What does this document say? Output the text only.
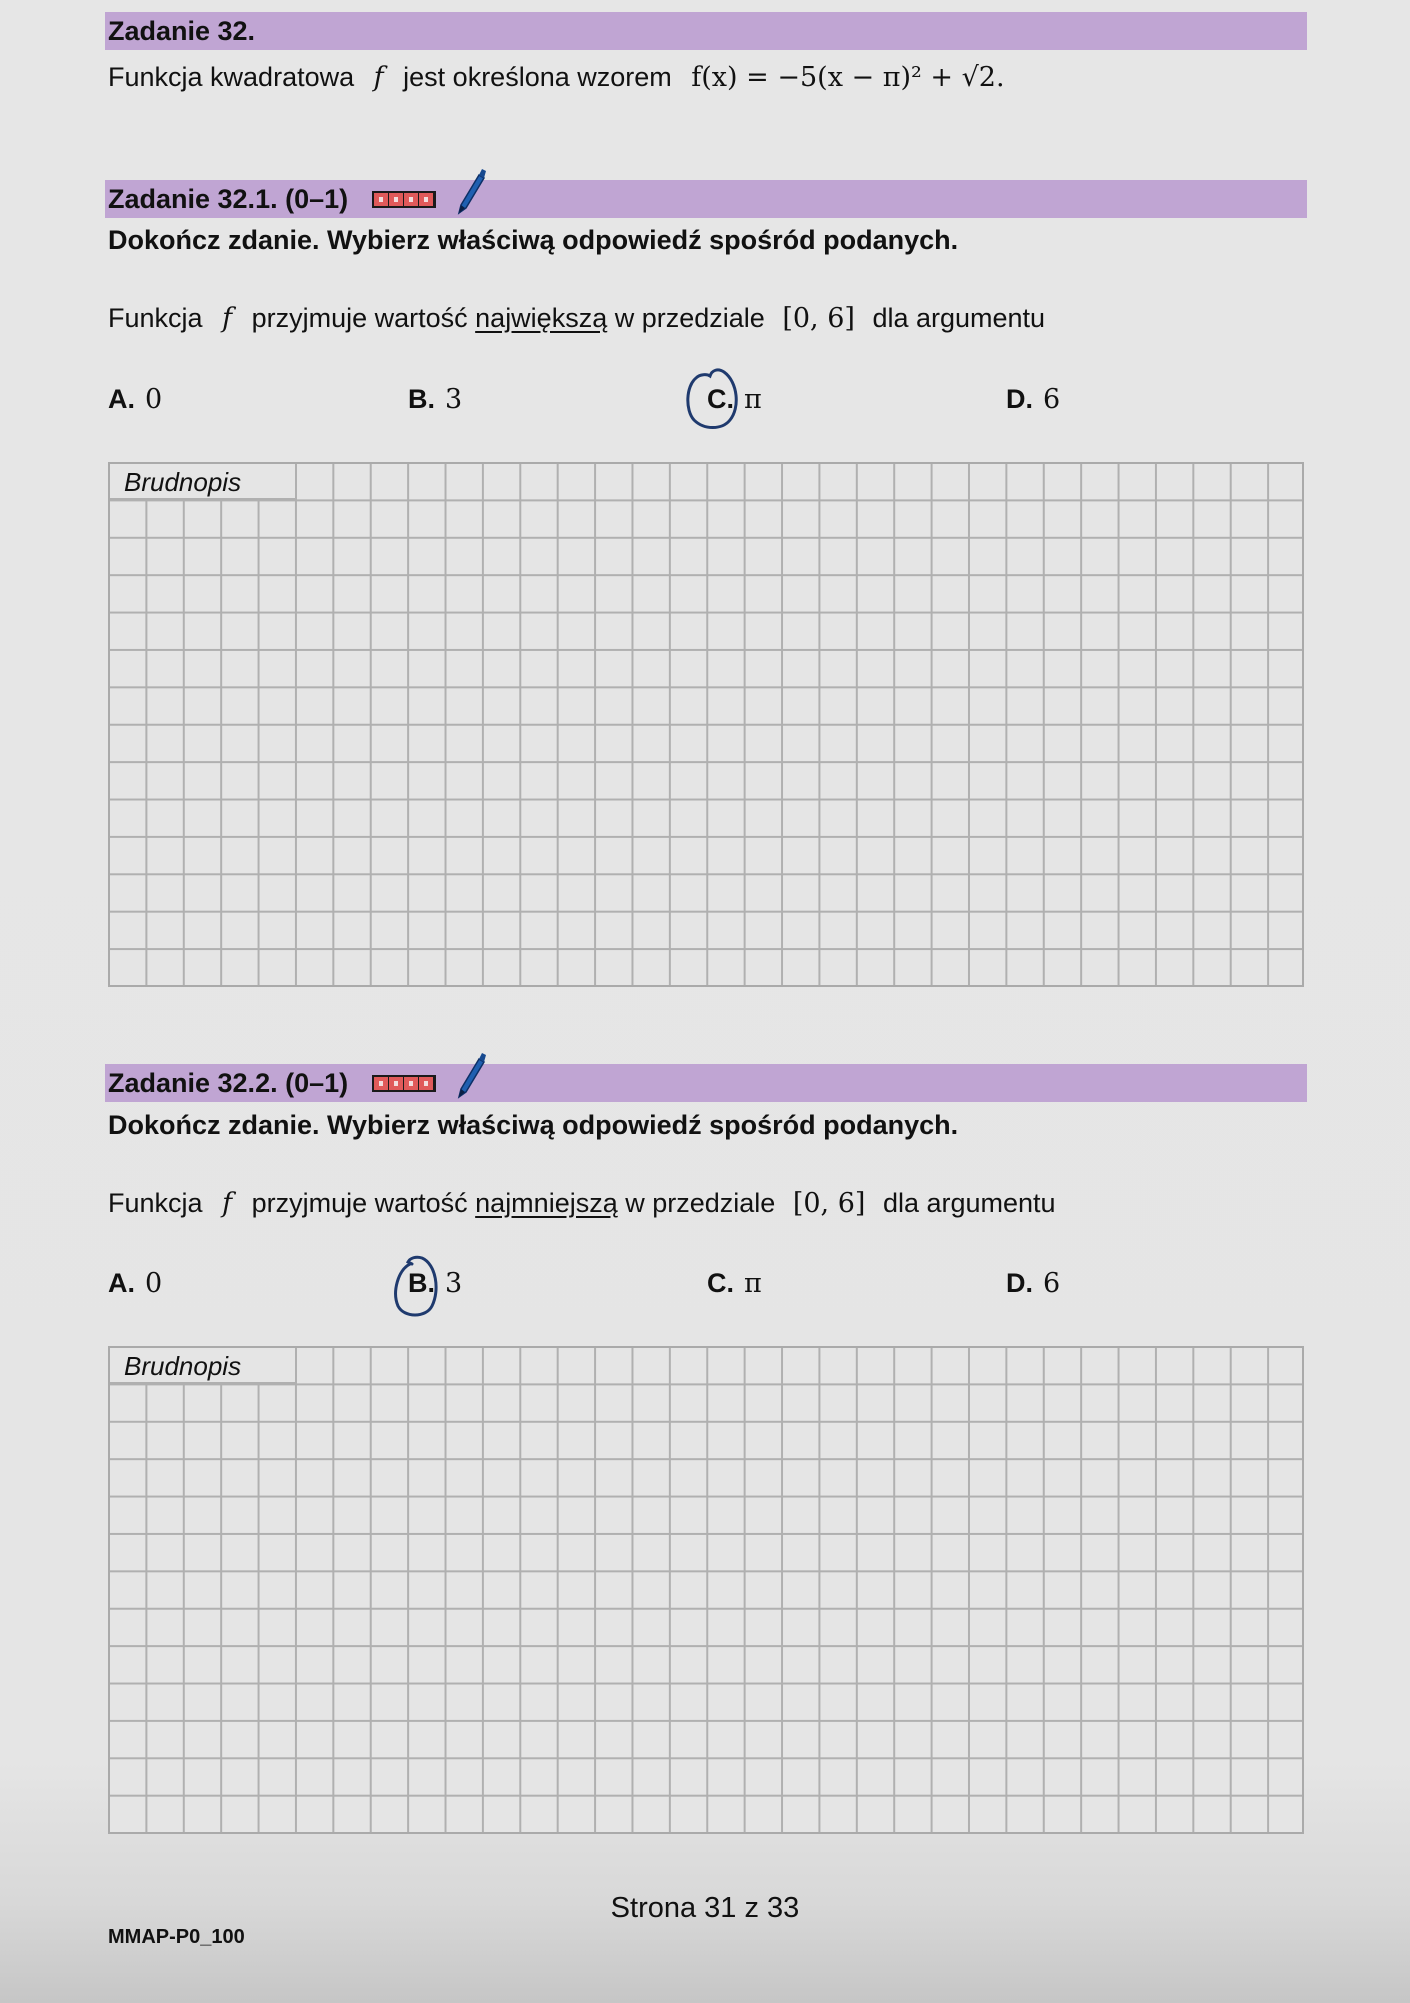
Zadanie 32.
Funkcja kwadratowa f jest określona wzorem f(x) = −5(x − π)² + √2.
Zadanie 32.1. (0–1)
Dokończ zdanie. Wybierz właściwą odpowiedź spośród podanych.
Funkcja f przyjmuje wartość największą w przedziale [0, 6] dla argumentu
A. 0	B. 3	C. π	D. 6
Brudnopis
Zadanie 32.2. (0–1)
Dokończ zdanie. Wybierz właściwą odpowiedź spośród podanych.
Funkcja f przyjmuje wartość najmniejszą w przedziale [0, 6] dla argumentu
A. 0	B. 3	C. π	D. 6
Brudnopis
Strona 31 z 33
MMAP-P0_100
